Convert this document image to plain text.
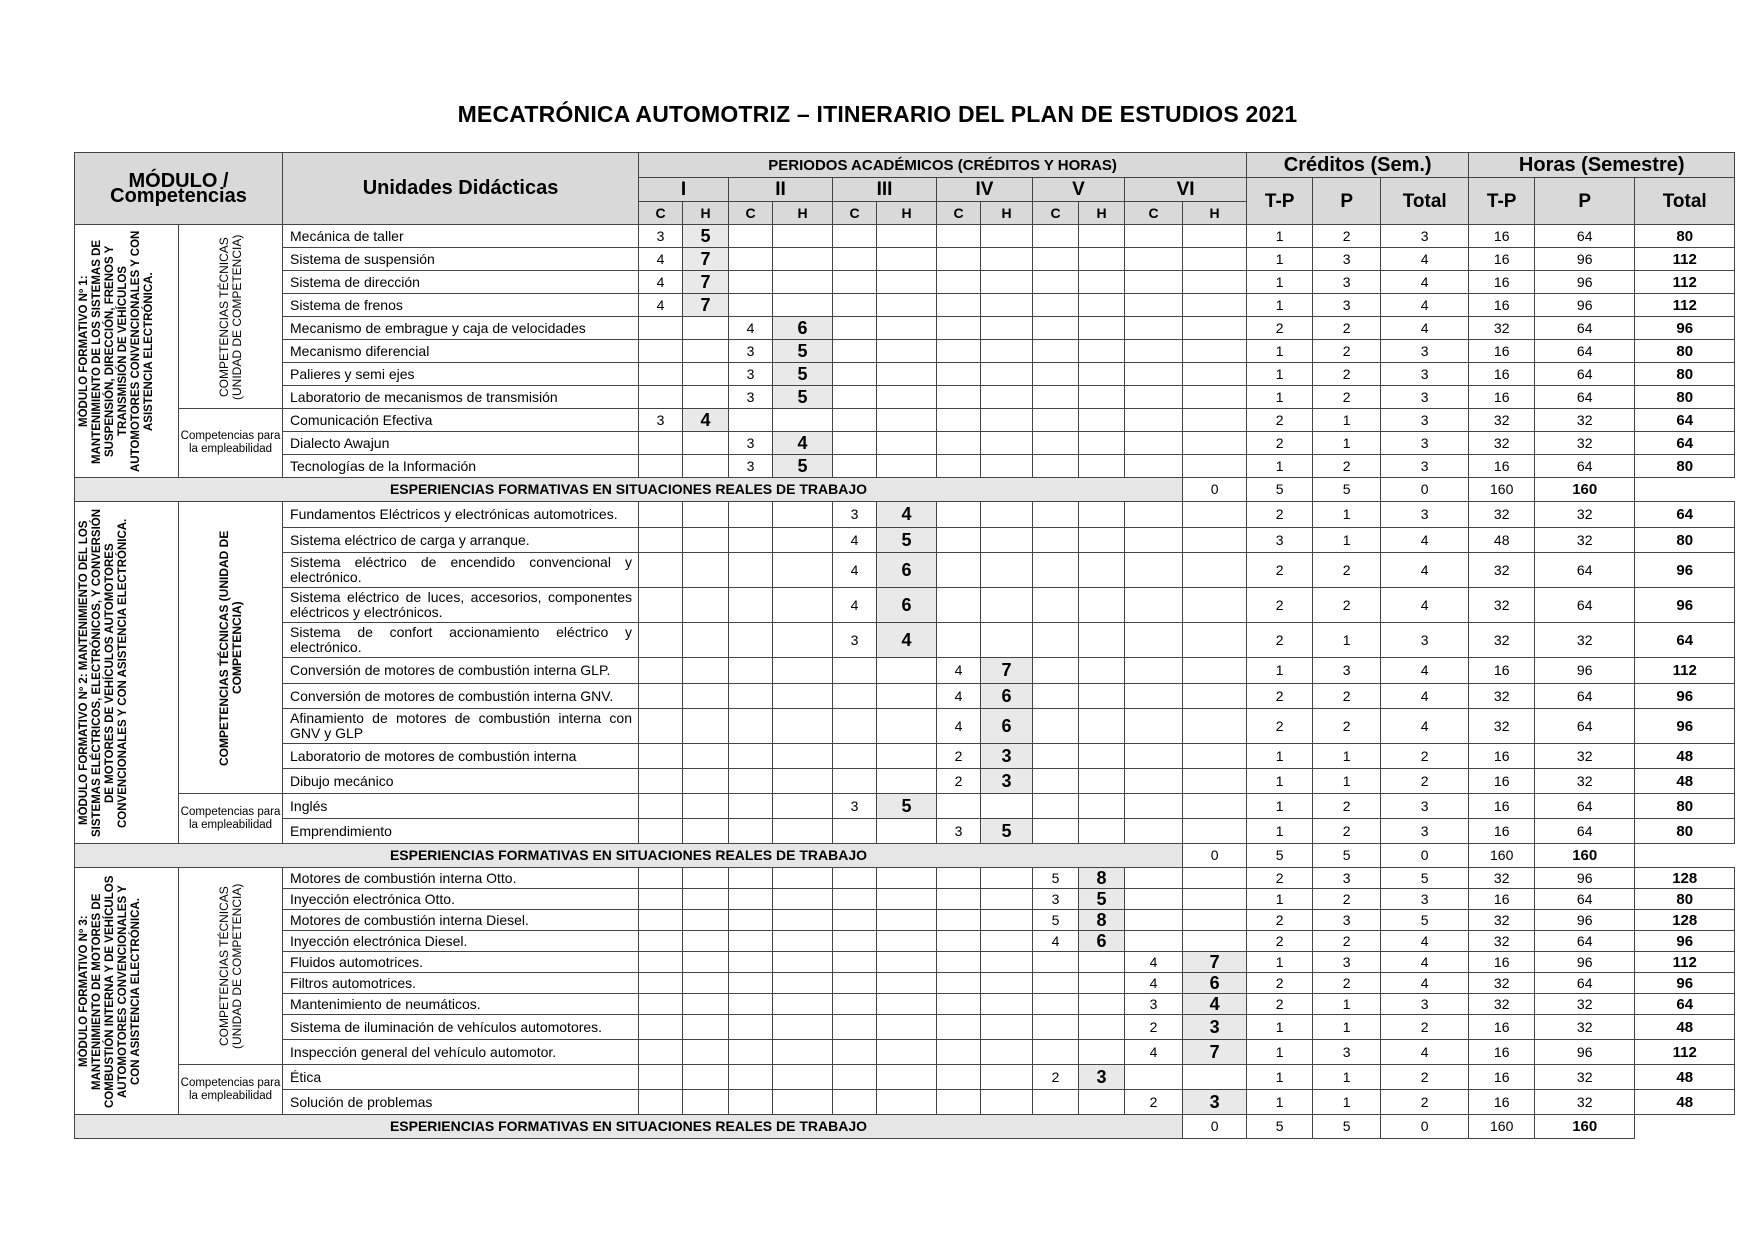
MECATRÓNICA AUTOMOTRIZ – ITINERARIO DEL PLAN DE ESTUDIOS 2021
MÓDULO / Competencias		Unidades Didácticas	PERIODOS ACADÉMICOS (CRÉDITOS Y HORAS)												Créditos (Sem.)			Horas (Semestre)		
			I		II		III		IV		V		VI		T-P	P	Total	T-P	P	Total
			C	H	C	H	C	H	C	H	C	H	C	H						

MÓDULO FORMATIVO Nº 1: MANTENIMIENTO DE LOS SISTEMAS DE SUSPENSIÓN, DIRECCIÓN, FRENOS Y TRANSMISIÓN DE VEHÍCULOS AUTOMOTORES CONVENCIONALES Y CON ASISTENCIA ELECTRÓNICA.	COMPETENCIAS TÉCNICAS (UNIDAD DE COMPETENCIA)	Mecánica de taller	3	5											1	2	3	16	64	80
		Sistema de suspensión	4	7											1	3	4	16	96	112
		Sistema de dirección	4	7											1	3	4	16	96	112
		Sistema de frenos	4	7											1	3	4	16	96	112
		Mecanismo de embrague y caja de velocidades			4	6									2	2	4	32	64	96
		Mecanismo diferencial			3	5									1	2	3	16	64	80
		Palieres y semi ejes			3	5									1	2	3	16	64	80
		Laboratorio de mecanismos de transmisión			3	5									1	2	3	16	64	80
	Competencias para la empleabilidad	Comunicación Efectiva	3	4											2	1	3	32	32	64
		Dialecto Awajun			3	4									2	1	3	32	32	64
		Tecnologías de la Información			3	5									1	2	3	16	64	80
ESPERIENCIAS FORMATIVAS EN SITUACIONES REALES DE TRABAJO														0	5	5	0	160	160	

MÓDULO FORMATIVO Nº 2: MANTENIMIENTO DEL LOS SISTEMAS ELÉCTRICOS, ELECTRÓNICOS, Y CONVERSIÓN DE MOTORES DE VEHÍCULOS AUTOMOTORES CONVENCIONALES Y CON ASISTENCIA ELECTRÓNICA.	COMPETENCIAS TÉCNICAS (UNIDAD DE COMPETENCIA)	Fundamentos Eléctricos y electrónicas automotrices.					3	4							2	1	3	32	32	64
		Sistema eléctrico de carga y arranque.					4	5							3	1	4	48	32	80
		Sistema eléctrico de encendido convencional y electrónico.					4	6							2	2	4	32	64	96
		Sistema eléctrico de luces, accesorios, componentes eléctricos y electrónicos.					4	6							2	2	4	32	64	96
		Sistema de confort accionamiento eléctrico y electrónico.					3	4							2	1	3	32	32	64
		Conversión de motores de combustión interna GLP.							4	7					1	3	4	16	96	112
		Conversión de motores de combustión interna GNV.							4	6					2	2	4	32	64	96
		Afinamiento de motores de combustión interna con GNV y GLP							4	6					2	2	4	32	64	96
		Laboratorio de motores de combustión interna							2	3					1	1	2	16	32	48
		Dibujo mecánico							2	3					1	1	2	16	32	48
	Competencias para la empleabilidad	Inglés					3	5							1	2	3	16	64	80
		Emprendimiento							3	5					1	2	3	16	64	80
ESPERIENCIAS FORMATIVAS EN SITUACIONES REALES DE TRABAJO														0	5	5	0	160	160	

MÓDULO FORMATIVO Nº 3: MANTENIMIENTO DE MOTORES DE COMBUSTIÓN INTERNA Y DE VEHÍCULOS AUTOMOTORES CONVENCIONALES Y CON ASISTENCIA ELECTRÓNICA.	COMPETENCIAS TÉCNICAS (UNIDAD DE COMPETENCIA)	Motores de combustión interna Otto.									5	8			2	3	5	32	96	128
		Inyección electrónica Otto.									3	5			1	2	3	16	64	80
		Motores de combustión interna Diesel.									5	8			2	3	5	32	96	128
		Inyección electrónica Diesel.									4	6			2	2	4	32	64	96
		Fluidos automotrices.											4	7	1	3	4	16	96	112
		Filtros automotrices.											4	6	2	2	4	32	64	96
		Mantenimiento de neumáticos.											3	4	2	1	3	32	32	64
		Sistema de iluminación de vehículos automotores.											2	3	1	1	2	16	32	48
		Inspección general del vehículo automotor.											4	7	1	3	4	16	96	112
	Competencias para la empleabilidad	Ética									2	3			1	1	2	16	32	48
		Solución de problemas											2	3	1	1	2	16	32	48
ESPERIENCIAS FORMATIVAS EN SITUACIONES REALES DE TRABAJO														0	5	5	0	160	160	
